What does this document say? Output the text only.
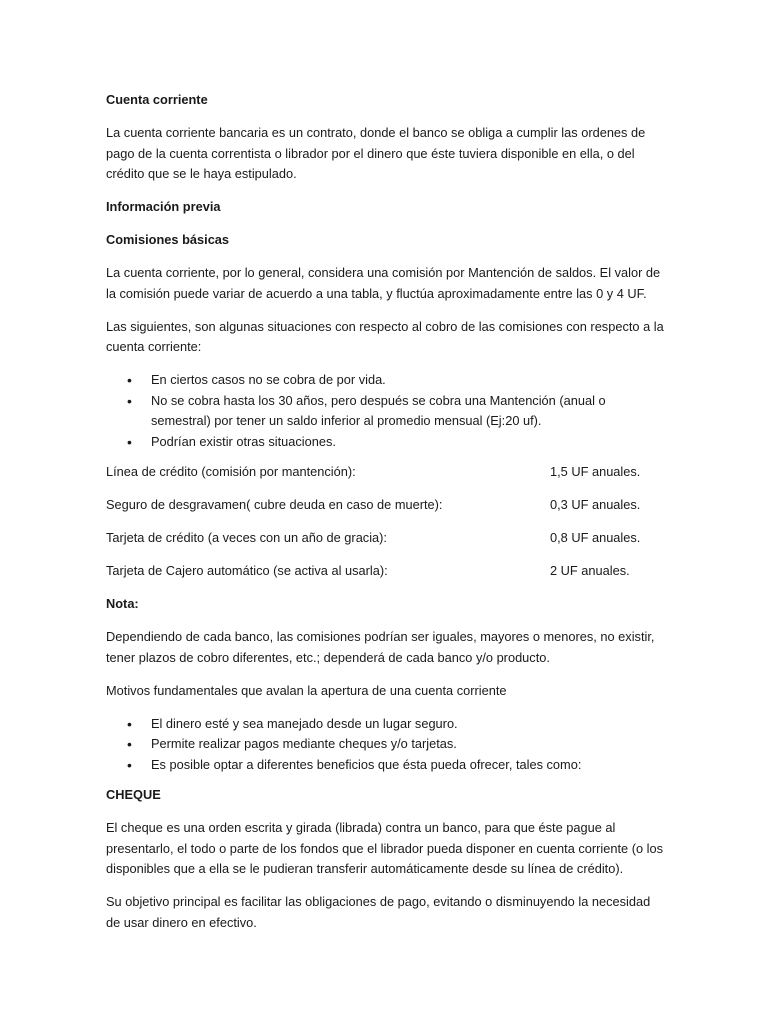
Cuenta corriente

La cuenta corriente bancaria es un contrato, donde el banco se obliga a cumplir las ordenes de pago de la cuenta correntista o librador por el dinero que éste tuviera disponible en ella, o del crédito que se le haya estipulado.

Información previa
Comisiones básicas

La cuenta corriente, por lo general, considera una comisión por Mantención de saldos. El valor de la comisión puede variar de acuerdo a una tabla, y fluctúa aproximadamente entre las 0 y 4 UF.

Las siguientes, son algunas situaciones con respecto al cobro de las comisiones con respecto a la cuenta corriente:

• En ciertos casos no se cobra de por vida.
• No se cobra hasta los 30 años, pero después se cobra una Mantención (anual o semestral) por tener un saldo inferior al promedio mensual (Ej:20 uf).
• Podrían existir otras situaciones.
Línea de crédito (comisión por mantención):	1,5 UF anuales.
Seguro de desgravamen( cubre deuda en caso de muerte):	0,3 UF anuales.
Tarjeta de crédito (a veces con un año de gracia):	0,8 UF anuales.
Tarjeta de Cajero automático (se activa al usarla):	2 UF anuales.
Nota:

Dependiendo de cada banco, las comisiones podrían ser iguales, mayores o menores, no existir, tener plazos de cobro diferentes, etc.; dependerá de cada banco y/o producto.

Motivos fundamentales que avalan la apertura de una cuenta corriente

• El dinero esté y sea manejado desde un lugar seguro.
• Permite realizar pagos mediante cheques y/o tarjetas.
• Es posible optar a diferentes beneficios que ésta pueda ofrecer, tales como:
CHEQUE

El cheque es una orden escrita y girada (librada) contra un banco, para que éste pague al presentarlo, el todo o parte de los fondos que el librador pueda disponer en cuenta corriente (o los disponibles que a ella se le pudieran transferir automáticamente desde su línea de crédito).

Su objetivo principal es facilitar las obligaciones de pago, evitando o disminuyendo la necesidad de usar dinero en efectivo.
